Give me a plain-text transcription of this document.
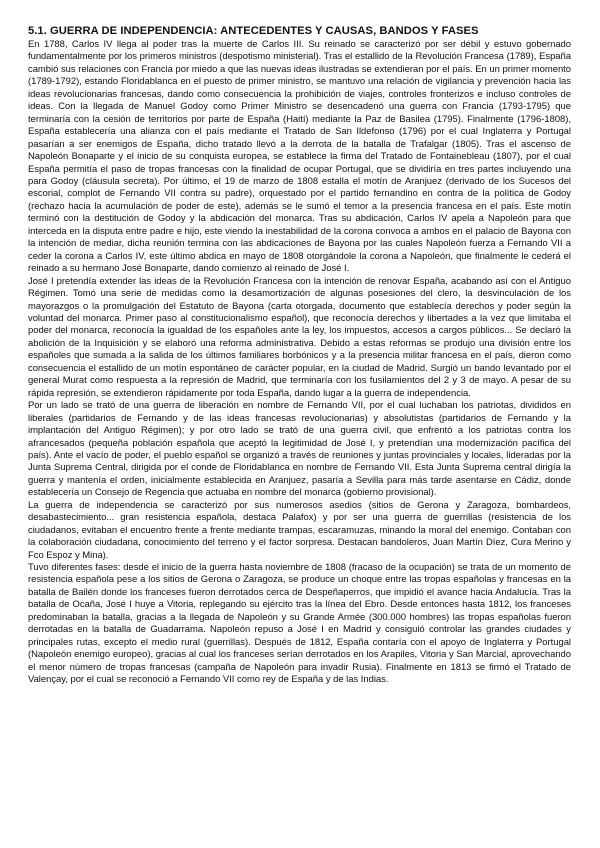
5.1. GUERRA DE INDEPENDENCIA: ANTECEDENTES Y CAUSAS, BANDOS Y FASES

En 1788, Carlos IV llega al poder tras la muerte de Carlos III. Su reinado se caracterizó por ser débil y estuvo gobernado fundamentalmente por los primeros ministros (despotismo ministerial). Tras el estallido de la Revolución Francesa (1789), España cambió sus relaciones con Francia por miedo a que las nuevas ideas ilustradas se extendieran por el país. En un primer momento (1789-1792), estando Floridablanca en el puesto de primer ministro, se mantuvo una relación de vigilancia y prevención hacia las ideas revolucionarias francesas, dando como consecuencia la prohibición de viajes, controles fronterizos e incluso controles de ideas. Con la llegada de Manuel Godoy como Primer Ministro se desencadenó una guerra con Francia (1793-1795) que terminaría con la cesión de territorios por parte de España (Haití) mediante la Paz de Basilea (1795). Finalmente (1796-1808), España establecería una alianza con el país mediante el Tratado de San Ildefonso (1796) por el cual Inglaterra y Portugal pasarían a ser enemigos de España, dicho tratado llevó a la derrota de la batalla de Trafalgar (1805). Tras el ascenso de Napoleón Bonaparte y el inicio de su conquista europea, se establece la firma del Tratado de Fontainebleau (1807), por el cual España permitía el paso de tropas francesas con la finalidad de ocupar Portugal, que se dividiría en tres partes incluyendo una para Godoy (cláusula secreta). Por último, el 19 de marzo de 1808 estalla el motín de Aranjuez (derivado de los Sucesos del escorial, complot de Fernando VII contra su padre), orquestado por el partido fernandino en contra de la política de Godoy (rechazo hacia la acumulación de poder de este), además se le sumó el temor a la presencia francesa en el país. Este motín terminó con la destitución de Godoy y la abdicación del monarca. Tras su abdicación, Carlos IV apela a Napoleón para que interceda en la disputa entre padre e hijo, este viendo la inestabilidad de la corona convoca a ambos en el palacio de Bayona con la intención de mediar, dicha reunión termina con las abdicaciones de Bayona por las cuales Napoleón fuerza a Fernando VII a ceder la corona a Carlos IV, este último abdica en mayo de 1808 otorgándole la corona a Napoleón, que finalmente le cederá el reinado a su hermano José Bonaparte, dando comienzo al reinado de José I.

José I pretendía extender las ideas de la Revolución Francesa con la intención de renovar España, acabando así con el Antiguo Régimen. Tomó una serie de medidas como la desamortización de algunas posesiones del clero, la desvinculación de los mayorazgos o la promulgación del Estatuto de Bayona (carta otorgada, documento que establecía derechos y poder según la voluntad del monarca. Primer paso al constitucionalismo español), que reconocía derechos y libertades a la vez que limitaba el poder del monarca, reconocía la igualdad de los españoles ante la ley, los impuestos, accesos a cargos públicos... Se declaró la abolición de la Inquisición y se elaboró una reforma administrativa. Debido a estas reformas se produjo una división entre los españoles que sumada a la salida de los últimos familiares borbónicos y a la presencia militar francesa en el país, dieron como consecuencia el estallido de un motín espontáneo de carácter popular, en la ciudad de Madrid. Surgió un bando levantado por el general Murat como respuesta a la represión de Madrid, que terminaría con los fusilamientos del 2 y 3 de mayo. A pesar de su rápida represión, se extendieron rápidamente por toda España, dando lugar a la guerra de independencia.

Por un lado se trató de una guerra de liberación en nombre de Fernando VII, por el cual luchaban los patriotas, divididos en liberales (partidarios de Fernando y de las ideas francesas revolucionarias) y absolutistas (partidarios de Fernando y la implantación del Antiguo Régimen); y por otro lado se trató de una guerra civil, que enfrentó a los patriotas contra los afrancesados (pequeña población española que aceptó la legitimidad de José I, y pretendían una modernización pacífica del país). Ante el vacío de poder, el pueblo español se organizó a través de reuniones y juntas provinciales y locales, lideradas por la Junta Suprema Central, dirigida por el conde de Floridablanca en nombre de Fernando VII. Esta Junta Suprema central dirigía la guerra y mantenía el orden, inicialmente establecida en Aranjuez, pasaría a Sevilla para más tarde asentarse en Cádiz, donde establecería un Consejo de Regencia que actuaba en nombre del monarca (gobierno provisional).

La guerra de independencia se caracterizó por sus numerosos asedios (sitios de Gerona y Zaragoza, bombardeos, desabastecimiento... gran resistencia española, destaca Palafox) y por ser una guerra de guerrillas (resistencia de los ciudadanos, evitaban el encuentro frente a frente mediante trampas, escaramuzas, minando la moral del enemigo. Contaban con la colaboración ciudadana, conocimiento del terreno y el factor sorpresa. Destacan bandoleros, Juan Martín Díez, Cura Merino y Fco Espoz y Mina).

Tuvo diferentes fases: desde el inicio de la guerra hasta noviembre de 1808 (fracaso de la ocupación) se trata de un momento de resistencia española pese a los sitios de Gerona o Zaragoza, se produce un choque entre las tropas españolas y francesas en la batalla de Bailén donde los franceses fueron derrotados cerca de Despeñaperros, que impidió el avance hacia Andalucía. Tras la batalla de Ocaña, José I huye a Vitoria, replegando su ejército tras la línea del Ebro. Desde entonces hasta 1812, los franceses predominaban la batalla, gracias a la llegada de Napoleón y su Grande Armée (300.000 hombres) las tropas españolas fueron derrotadas en la batalla de Guadarrama. Napoleón repuso a José I en Madrid y consiguió controlar las grandes ciudades y principales rutas, excepto el medio rural (guerrillas). Después de 1812, España contaría con el apoyo de Inglaterra y Portugal (Napoleón enemigo europeo), gracias al cual los franceses serían derrotados en los Arapiles, Vitoria y San Marcial, aprovechando el menor número de tropas francesas (campaña de Napoleón para invadir Rusia). Finalmente en 1813 se firmó el Tratado de Valençay, por el cual se reconoció a Fernando VII como rey de España y de las Indias.
